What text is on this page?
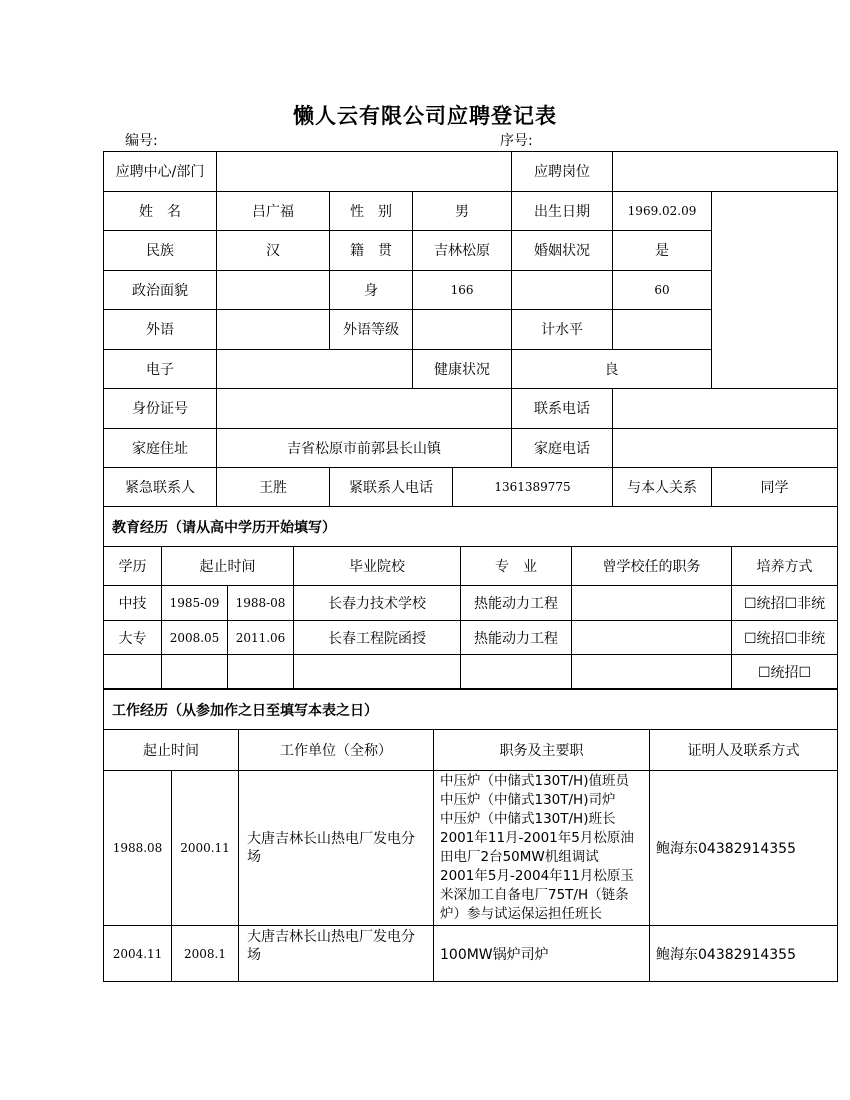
懒人云有限公司应聘登记表
编号:	序号:
应聘中心/部门				应聘岗位		
姓　名	吕广福	性　别	男	出生日期	1969.02.09	
民族	汉	籍　贯	吉林松原	婚姻状况	是	
政治面貌		身	166		60	
外语		外语等级		计水平		
电子			健康状况	良		
身份证号				联系电话		
家庭住址	吉省松原市前郭县长山镇			家庭电话		
紧急联系人	王胜	紧联系人电话	1361389775	与本人关系	同学
教育经历（请从高中学历开始填写）						
学历	起止时间		毕业院校	专　业	曾学校任的职务	培养方式
中技	1985-09	1988-08	长春力技术学校	热能动力工程		☐统招☐非统
大专	2008.05	2011.06	长春工程院函授	热能动力工程		☐统招☐非统
						☐统招☐
工作经历（从参加作之日至填写本表之日）				
起止时间		工作单位（全称）	职务及主要职	证明人及联系方式
1988.08	2000.11	大唐吉林长山热电厂发电分场	中压炉（中储式130T/H)值班员
中压炉（中储式130T/H)司炉
中压炉（中储式130T/H)班长
2001年11月-2001年5月松原油田电厂2台50MW机组调试
2001年5月-2004年11月松原玉米深加工自备电厂75T/H（链条炉）参与试运保运担任班长	鲍海东04382914355
2004.11	2008.1	大唐吉林长山热电厂发电分场	100MW锅炉司炉	鲍海东04382914355
